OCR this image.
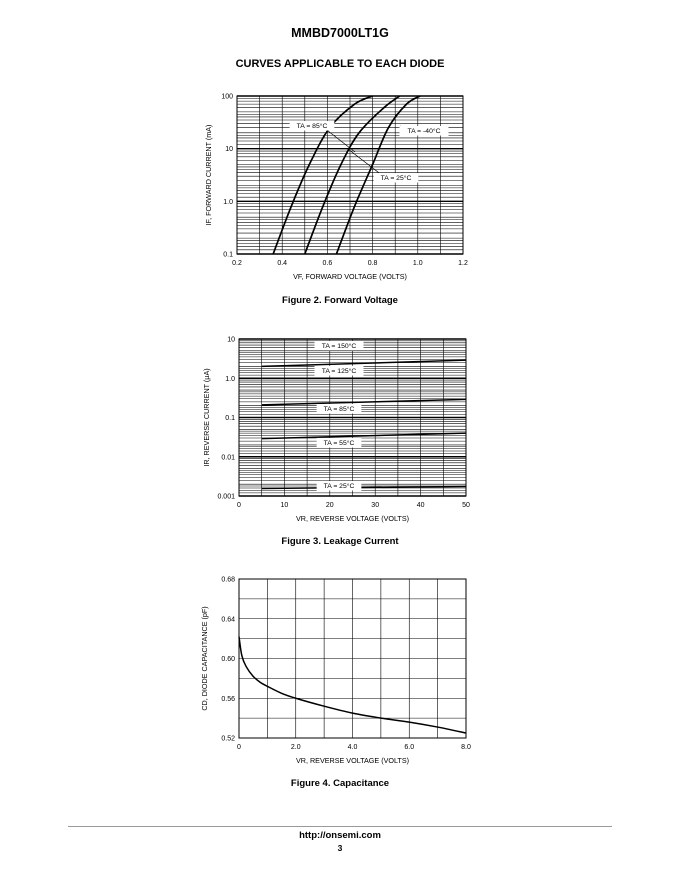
MMBD7000LT1G
CURVES APPLICABLE TO EACH DIODE
0.2	0.4	0.6	0.8	1.0	1.2
0.1
1.0
10
100
VF, FORWARD VOLTAGE (VOLTS)
IF, FORWARD CURRENT (mA)	TA = 85°C
TA = -40°C
TA = 25°C
Figure 2. Forward Voltage
0	10	20	30	40	50
0.001
0.01
0.1
1.0
10
VR, REVERSE VOLTAGE (VOLTS)
IR, REVERSE CURRENT (μA)
TA = 150°C
TA = 125°C
TA = 85°C
TA = 55°C
TA = 25°C
Figure 3. Leakage Current
0	2.0	4.0	6.0	8.0
0.52
0.56
0.60
0.64
0.68
VR, REVERSE VOLTAGE (VOLTS)
CD, DIODE CAPACITANCE (pF)
Figure 4. Capacitance
http://onsemi.com
3
